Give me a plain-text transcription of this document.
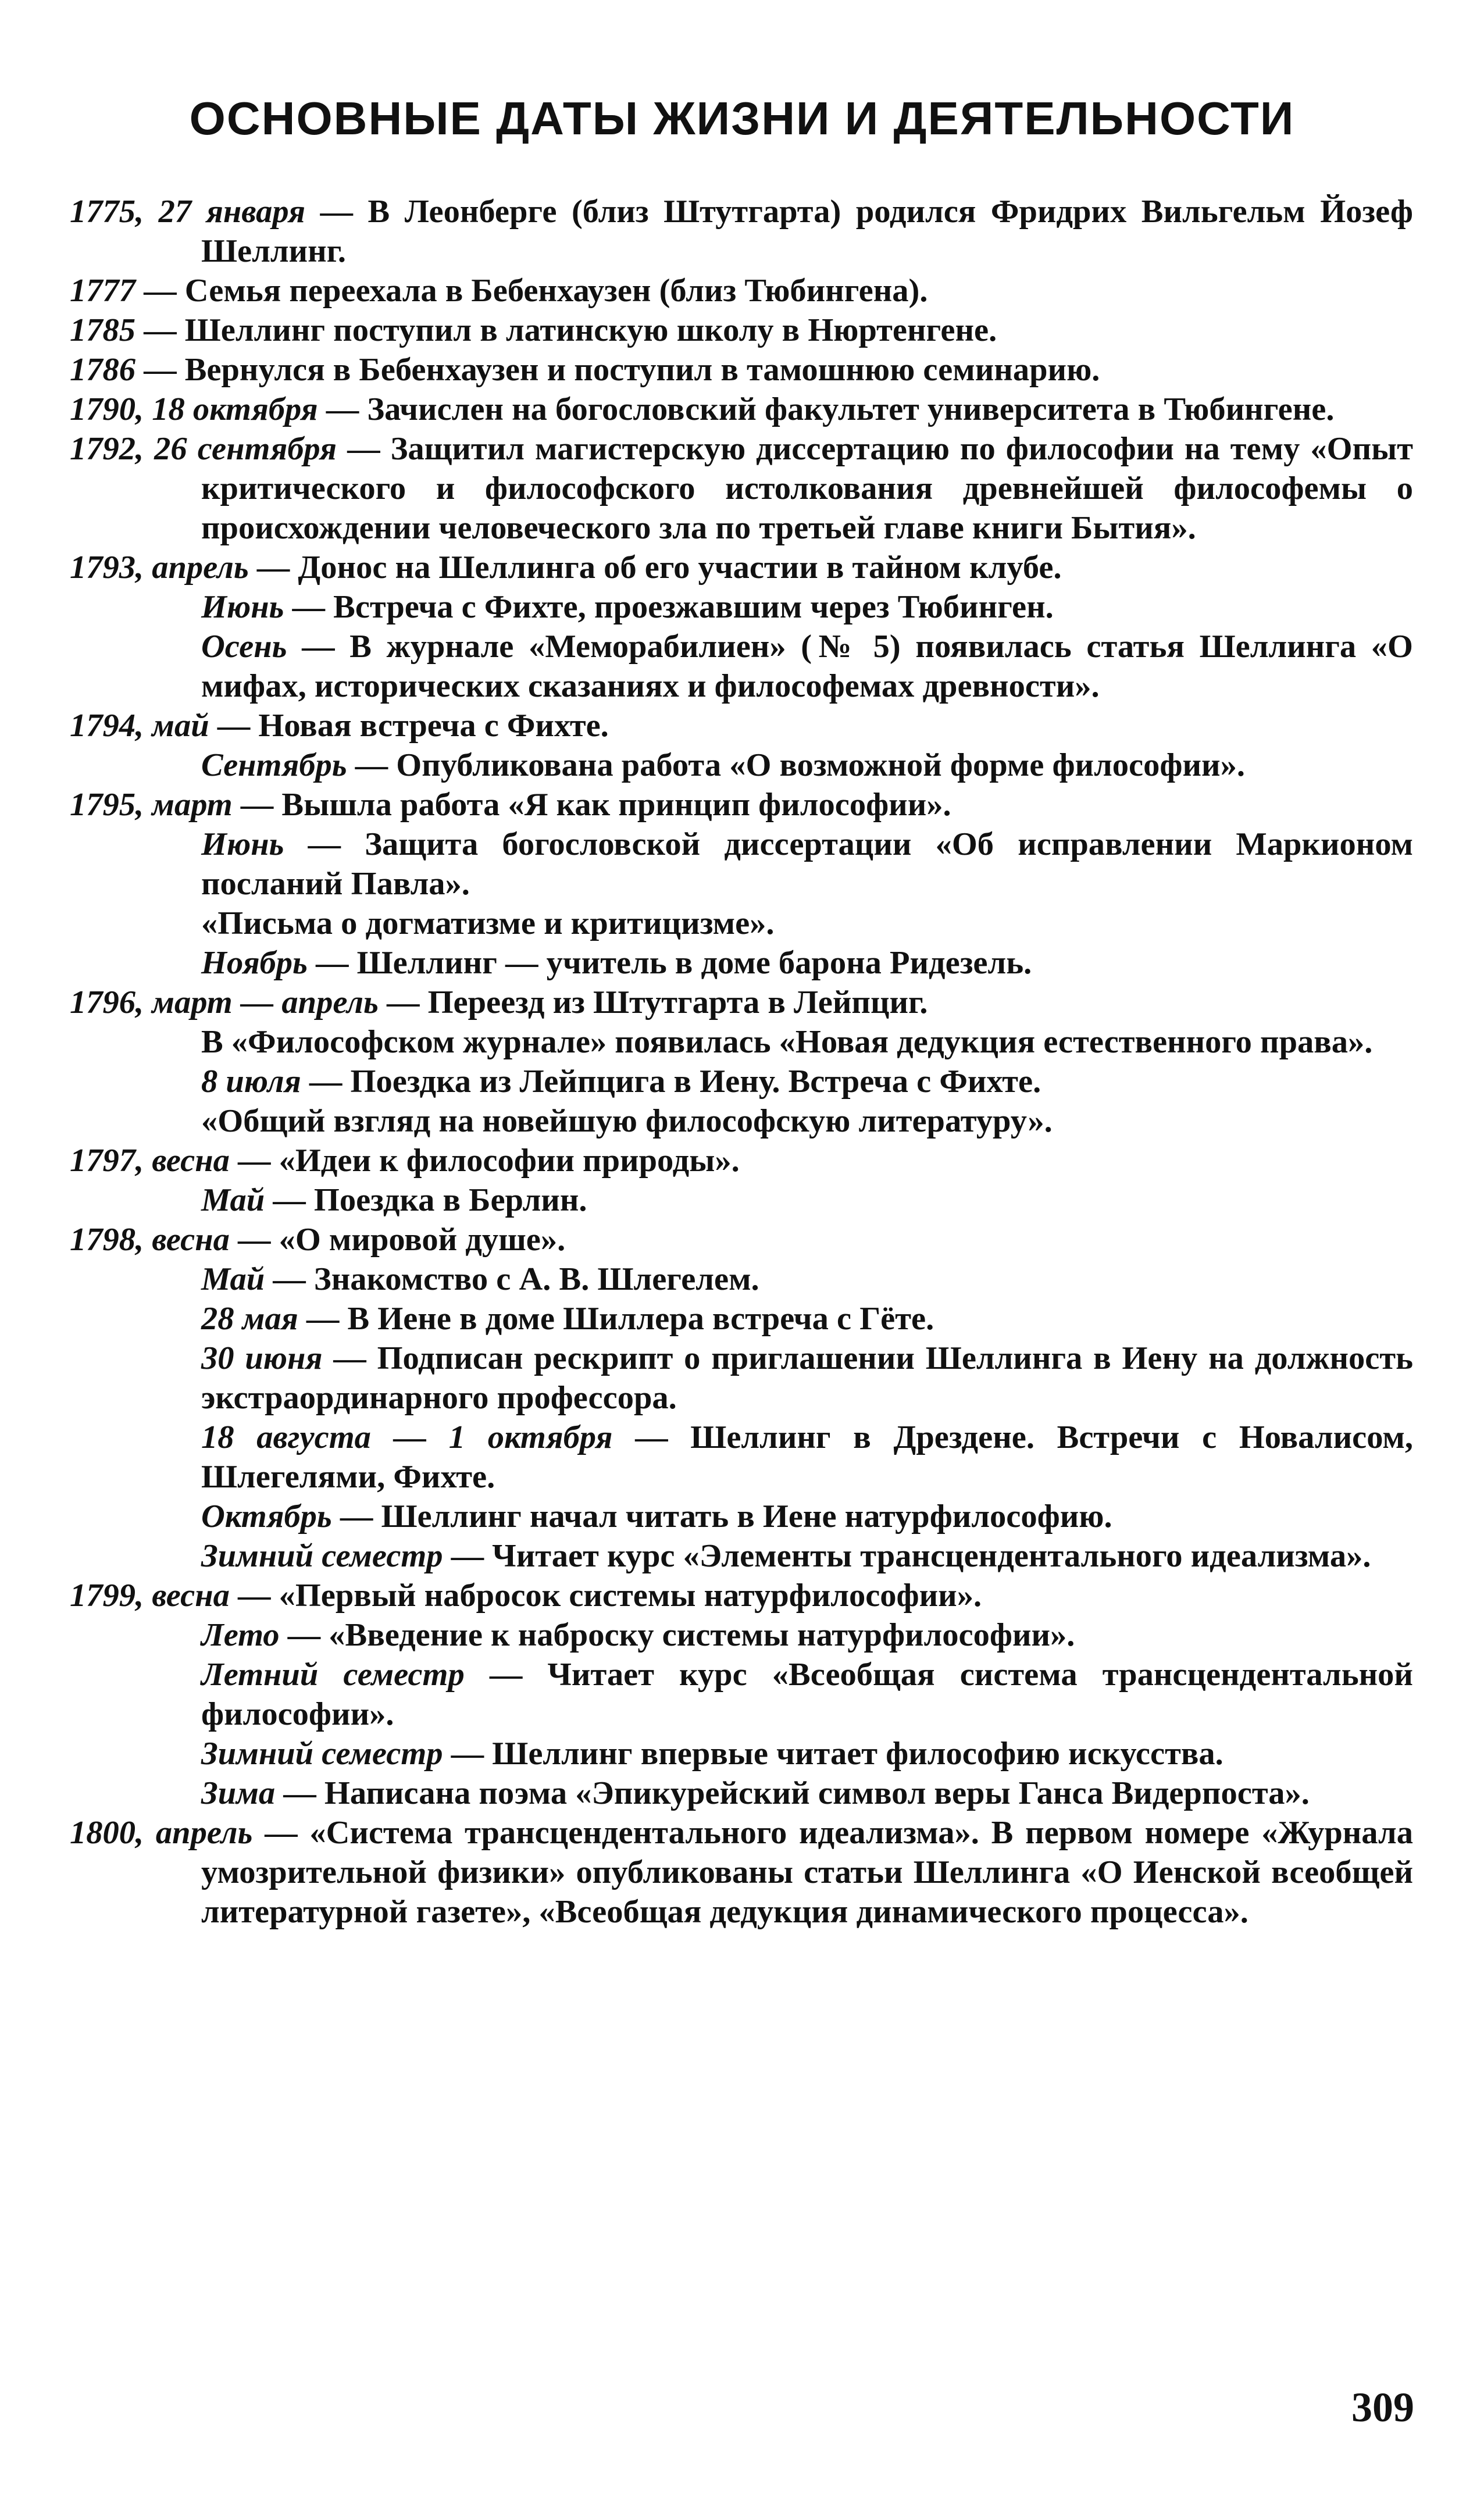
ОСНОВНЫЕ ДАТЫ ЖИЗНИ И ДЕЯТЕЛЬНОСТИ

1775, 27 января — В Леонберге (близ Штутгарта) родился Фридрих Вильгельм Йозеф Шеллинг.

1777 — Семья переехала в Бебенхаузен (близ Тюбингена).

1785 — Шеллинг поступил в латинскую школу в Нюртенгене.

1786 — Вернулся в Бебенхаузен и поступил в тамошнюю семинарию.

1790, 18 октября — Зачислен на богословский факультет университета в Тюбингене.

1792, 26 сентября — Защитил магистерскую диссертацию по философии на тему «Опыт критического и философского истолкования древнейшей философемы о происхождении человеческого зла по третьей главе книги Бытия».

1793, апрель — Донос на Шеллинга об его участии в тайном клубе.

Июнь — Встреча с Фихте, проезжавшим через Тюбинген.

Осень — В журнале «Меморабилиен» (№ 5) появилась статья Шеллинга «О мифах, исторических сказаниях и философемах древности».

1794, май — Новая встреча с Фихте.

Сентябрь — Опубликована работа «О возможной форме философии».

1795, март — Вышла работа «Я как принцип философии».

Июнь — Защита богословской диссертации «Об исправлении Маркионом посланий Павла».

«Письма о догматизме и критицизме».

Ноябрь — Шеллинг — учитель в доме барона Ридезель.

1796, март — апрель — Переезд из Штутгарта в Лейпциг.

В «Философском журнале» появилась «Новая дедукция естественного права».

8 июля — Поездка из Лейпцига в Иену. Встреча с Фихте.

«Общий взгляд на новейшую философскую литературу».

1797, весна — «Идеи к философии природы».

Май — Поездка в Берлин.

1798, весна — «О мировой душе».

Май — Знакомство с А. В. Шлегелем.

28 мая — В Иене в доме Шиллера встреча с Гёте.

30 июня — Подписан рескрипт о приглашении Шеллинга в Иену на должность экстраординарного профессора.

18 августа — 1 октября — Шеллинг в Дрездене. Встречи с Новалисом, Шлегелями, Фихте.

Октябрь — Шеллинг начал читать в Иене натурфилософию.

Зимний семестр — Читает курс «Элементы трансцендентального идеализма».

1799, весна — «Первый набросок системы натурфилософии».

Лето — «Введение к наброску системы натурфилософии».

Летний семестр — Читает курс «Всеобщая система трансцендентальной философии».

Зимний семестр — Шеллинг впервые читает философию искусства.

Зима — Написана поэма «Эпикурейский символ веры Ганса Видерпоста».

1800, апрель — «Система трансцендентального идеализма». В первом номере «Журнала умозрительной физики» опубликованы статьи Шеллинга «О Иенской всеобщей литературной газете», «Всеобщая дедукция динамического процесса».

309
